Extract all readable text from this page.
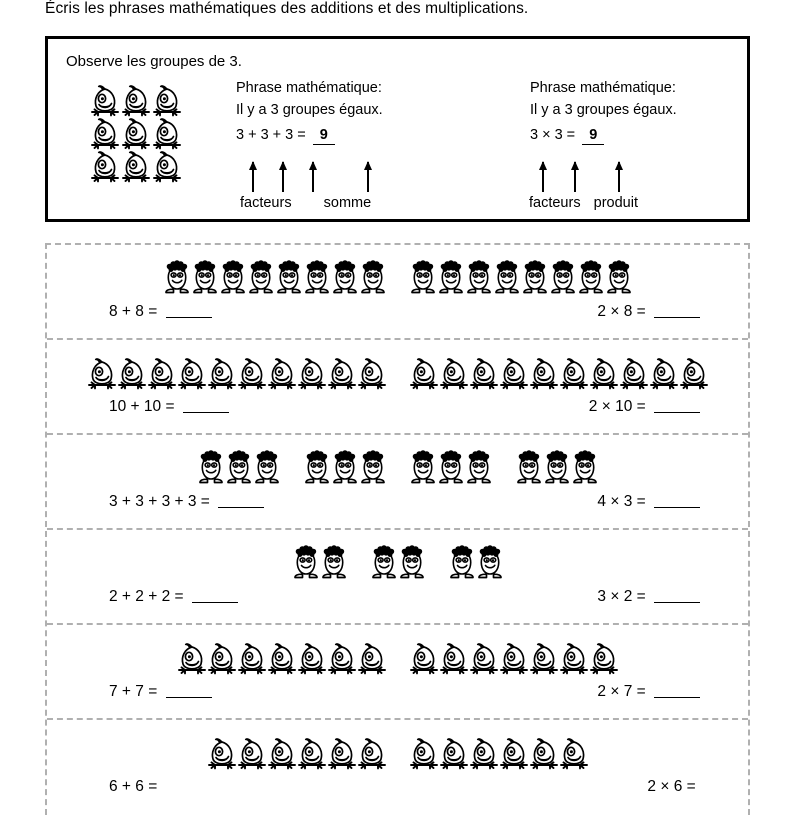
Écris les phrases mathématiques des additions et des multiplications.
Observe les groupes de 3.
Phrase mathématique:
Il y a 3 groupes égaux.
3 + 3 + 3 = 9
facteurs somme
Phrase mathématique:
Il y a 3 groupes égaux.
3 × 3 = 9
facteurs produit
8 + 8 =	2 × 8 =
10 + 10 =	2 × 10 =
3 + 3 + 3 + 3 =	4 × 3 =
2 + 2 + 2 =	3 × 2 =
7 + 7 =	2 × 7 =
6 + 6 =	2 × 6 =
